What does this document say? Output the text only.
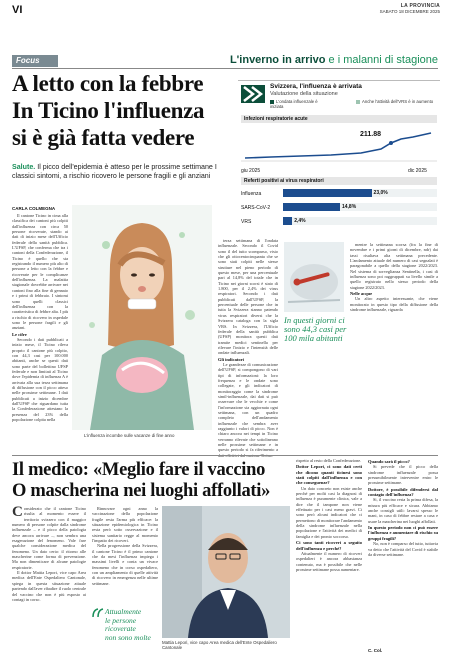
VI	LA PROVINCIA
SABATO 18 DICEMBRE 2025
Focus	L'inverno in arrivo e i malanni di stagione
A letto con la febbre
In Ticino l'influenza
si è già fatta vedere
Salute. Il picco dell'epidemia è atteso per le prossime settimane I classici sintomi, a rischio ricovero le persone fragili e gli anziani
Svizzera, l'influenza è arrivata
Valutazione della situazione
L'ondata influenzale è iniziata
Anche l'attività dell'VRS è in aumento
Infezioni respiratorie acute
211.88
giu 2025	dic 2025
Referti positivi ai virus respiratori
Influenza	23,0%
SARS-CoV-2	14,8%
VRS	2,4%
CARLA COLMEGNA

Il cantone Ticino in cima alla classifica dei cantoni più colpiti dall'influenza con circa 50 persone ricoverate, stando ai dati di inizio mese dell'Ufficio federale della sanità pubblica. L'UFSP, che conferma che tra i cantoni della Confederazione, il Ticino è quello che sta registrando il numero più alto di persone a letto con la febbre e ricoverate per le complicanze dell'influenza. La malattia stagionale dovrebbe arrivare nei cantoni fino alla fine di gennaio e i primi di febbraio. I sintomi sono quelli classici dell'influenza con la caratteristica di febbre alta. I più a rischio di ricovero in ospedale sono le persone fragili e gli anziani.

Le cifre

Secondo i dati pubblicati a inizio mese, il Ticino rileva proprio il cantone più colpito, con 44,3 casi per 100.000 abitanti, anche se questi dati sono parte del bollettino UFSP federale e non limitati al Ticino dove l'epidemia di influenza A è arrivata alla sua terza settimana di diffusione con il picco atteso nelle prossime settimane. I dati pubblicati a inizio dicembre dall'UFSP che riguardano tutta la Confederazione attestano la presenza del 23% della popolazione colpita nella

L'influenza incombe sulle vacanze di fine anno

terza settimana di l'ondata influenzale. Secondo il Covid sono il del tutto scomparso, visto che gli ottocentocinquanta che se sono stati colpiti nelle stesse strutture nel pieno periodo di questo mese, per una percentuale pari al 14,8% del totale che in Ticino nei giorni scorsi è stato di 1.800, per il 2,4% dei virus respiratori. Secondo i dati pubblicati dall'UFSP, la percentuale delle persone che in tutta la Svizzera stanno patendo virus respiratori diversi che la Svizzera cataloga con la sigla VRS. In Svizzera, l'Ufficio federale della sanità pubblica (UFSP) monitora questi dati tramite medici sentinella per rilevare l'inizio e l'intensità delle ondate influenzali.

Gli indicatori

Le grandezze di comunicazione dell'UFSP, si compongono di vari tipi di informazioni: la loro frequenza e le ondate sono collegate, e gli indicatori di monitoraggio come la sindrome simil-influenzale, dai dati si può osservare che le vecchie e come l'informazione sia aggiornata ogni settimana, con un quadro completo dell'andamento influenzale che sembra aver raggiunto i valori di picco. Non è chiaro ancora nei tempi in Ticino verranno rilevate che sottolineano nelle prossime settimane e in questo periodo si fa riferimento a

In questi giorni ci sono 44,3 casi per 100 mila abitanti

mentre la settimana scorsa (fra la fine di novembre e i primi giorni di dicembre, ndr) dai tassi risultava alta settimana precedente. L'andamento attuale del numero di casi segnalati è paragonabile a quello della stagione 2022/2023. Nel sistema di sorveglianza Sentinella, i casi di influenza sono poi raggruppati su livello simile a quello registrato nello stesso periodo della stagione 2022/2023.

Nelle acque

Un altro aspetto interessante, che viene monitorato in questo tipo della diffusione della sindrome influenzale, riguarda

Il medico: «Meglio fare il vaccino
O mascherina nei luoghi affollati»

Considerato che il cantone Ticino risulta al momento essere il territorio svizzero con il maggior numero di persone colpite dalla sindrome influenzale – e il picco della patologia deve ancora arrivare –, non sembra una esagerazione del fenomeno. Vale fare qualche considerazione medica del fenomeno. Un dato certo: il ritorno alle mascherine come forma di prevenzione. Ma non dimenticare di alcune patologie respiratorie.

Il dottor Mattia Lepori, vice capo Area medica dell'Ente Ospedaliero Cantonale, spiega in questa situazione attuale partendo dall'aver ribadire il ruolo centrale del vaccino che non è più esposto ai contagi in corso.

Rinnovare ogni anno la vaccinazione della popolazione fragile resta l'arma più efficace: la situazione epidemiologica in Ticino resta però sotto osservazione e il sistema sanitario regge al momento l'impatto dei ricoveri.

Nella progressione della Svizzera, il cantone Ticino è il primo cantone che da mesi l'influenza impiega i massimi livelli e conta un vivace fenomeno che in corso ospedaliero, con un ampliamento di quelle attività di ricovero in emergenza nelle ultime settimane.

Attualmente
le persone ricoverate
non sono molte
Mattia Lepori, vice capo Area medica dell'Ente Ospedaliero Cantonale

rispetto al resto della Confederazione.

Dottor Lepori, ci sono dati certi che dicono quanti ticinesi sono stati colpiti dall'influenza e con che conseguenze?

Un dato concreto non esiste anche perché per molti casi la diagnosi di influenza è puramente clinica, vale a dire che il tampone non viene effettuato per i casi meno gravi. Ci sono però alcuni indicatori che ci permettono di monitorare l'andamento della sindrome influenzale nella popolazione e l'attività dei medici di famiglia e dei pronto soccorso.

Ci sono tanti ricoveri a seguito dell'influenza e perché?

Attualmente il numero di ricoveri ospedalieri è ancora abbastanza contenuto, ma è possibile che nelle prossime settimane possa aumentare.

Quando sarà il picco?

Si prevede che il picco della sindrome influenzale possa presumibilmente intervenire entro le prossime settimane.

Dottore, è possibile difendersi dal contagio dell'influenza?

Sì, il vaccino resta la prima difesa, la misura più efficace e sicura. Abbiamo anche consigli utili: lavarsi spesso le mani, in caso di febbre restare a casa e usare la mascherina nei luoghi affollati.

In questo periodo non ci può essere l'influenza e aumentare di rischio su gruppi fragili?

No, non è comparso del tutto, tuttavia va detto che l'attività del Covid è stabile da diverse settimane.

C. Col.
